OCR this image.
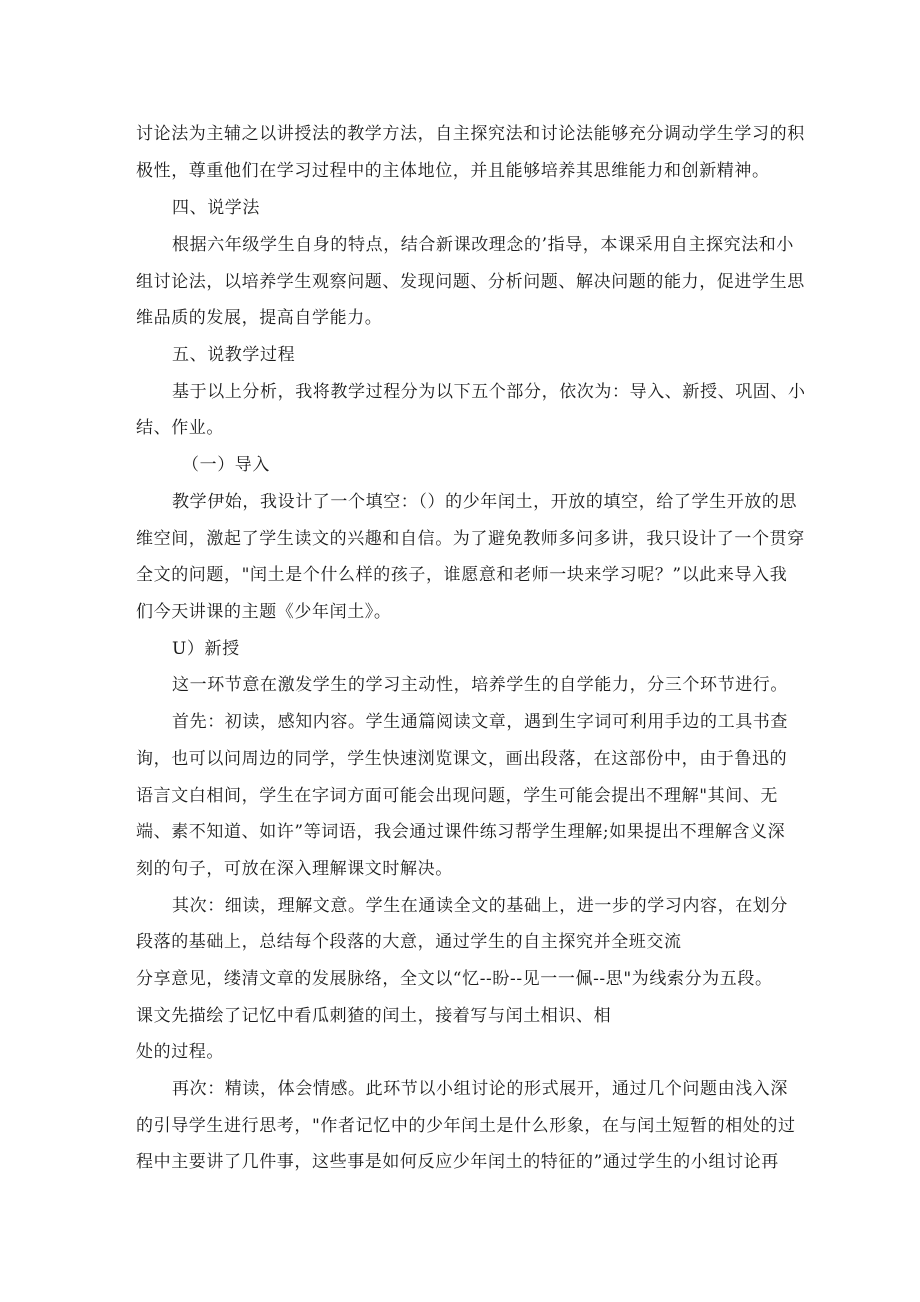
讨论法为主辅之以讲授法的教学方法，自主探究法和讨论法能够充分调动学生学习的积
极性，尊重他们在学习过程中的主体地位，并且能够培养其思维能力和创新精神。
四、说学法
根据六年级学生自身的特点，结合新课改理念的’指导，本课采用自主探究法和小
组讨论法，以培养学生观察问题、发现问题、分析问题、解决问题的能力，促进学生思
维品质的发展，提高自学能力。
五、说教学过程
基于以上分析，我将教学过程分为以下五个部分，依次为：导入、新授、巩固、小
结、作业。
（一）导入
教学伊始，我设计了一个填空：（）的少年闰土，开放的填空，给了学生开放的思
维空间，激起了学生读文的兴趣和自信。为了避免教师多问多讲，我只设计了一个贯穿
全文的问题，"闰土是个什么样的孩子，谁愿意和老师一块来学习呢？”以此来导入我
们今天讲课的主题《少年闰土》。
U）新授
这一环节意在激发学生的学习主动性，培养学生的自学能力，分三个环节进行。
首先：初读，感知内容。学生通篇阅读文章，遇到生字词可利用手边的工具书查
询，也可以问周边的同学，学生快速浏览课文，画出段落，在这部份中，由于鲁迅的
语言文白相间，学生在字词方面可能会出现问题，学生可能会提出不理解"其间、无
端、素不知道、如许”等词语，我会通过课件练习帮学生理解;如果提出不理解含义深
刻的句子，可放在深入理解课文时解决。
其次：细读，理解文意。学生在通读全文的基础上，进一步的学习内容，在划分
段落的基础上，总结每个段落的大意，通过学生的自主探究并全班交流
分享意见，缕清文章的发展脉络，全文以“忆--盼--见一一佩--思"为线索分为五段。
课文先描绘了记忆中看瓜刺猹的闰土，接着写与闰土相识、相
处的过程。
再次：精读，体会情感。此环节以小组讨论的形式展开，通过几个问题由浅入深
的引导学生进行思考，"作者记忆中的少年闰土是什么形象，在与闰土短暂的相处的过
程中主要讲了几件事，这些事是如何反应少年闰土的特征的”通过学生的小组讨论再
